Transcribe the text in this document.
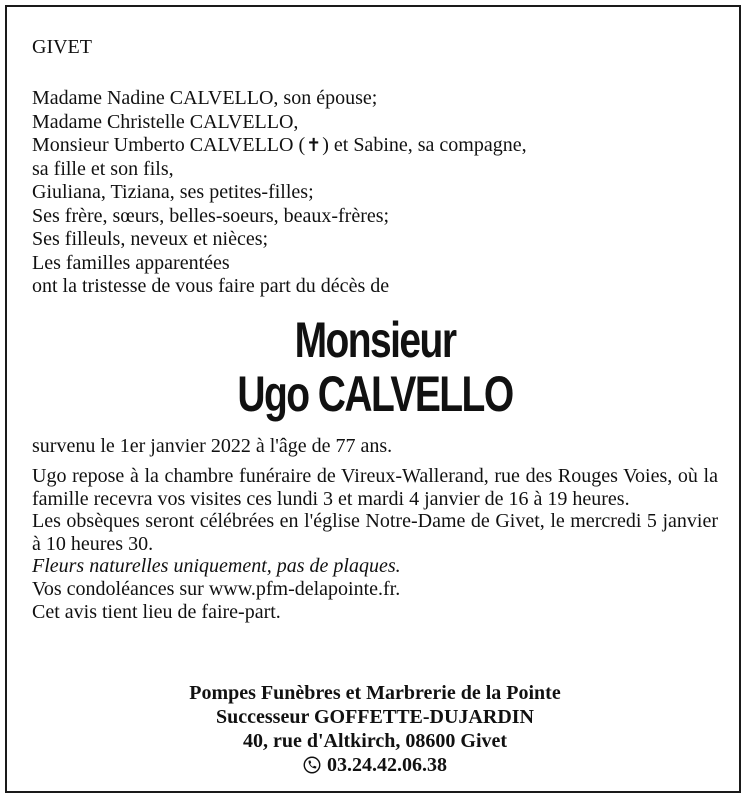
GIVET
Madame Nadine CALVELLO, son épouse;
Madame Christelle CALVELLO,
Monsieur Umberto CALVELLO (✝) et Sabine, sa compagne,
sa fille et son fils,
Giuliana, Tiziana, ses petites-filles;
Ses frère, sœurs, belles-soeurs, beaux-frères;
Ses filleuls, neveux et nièces;
Les familles apparentées
ont la tristesse de vous faire part du décès de
Monsieur
Ugo CALVELLO
survenu le 1er janvier 2022 à l'âge de 77 ans.

Ugo repose à la chambre funéraire de Vireux-Wallerand, rue des Rouges Voies, où la famille recevra vos visites ces lundi 3 et mardi 4 janvier de 16 à 19 heures.

Les obsèques seront célébrées en l'église Notre-Dame de Givet, le mercredi 5 janvier à 10 heures 30.

Fleurs naturelles uniquement, pas de plaques.

Vos condoléances sur www.pfm-delapointe.fr.

Cet avis tient lieu de faire-part.

Pompes Funèbres et Marbrerie de la Pointe
Successeur GOFFETTE-DUJARDIN
40, rue d'Altkirch, 08600 Givet
03.24.42.06.38
